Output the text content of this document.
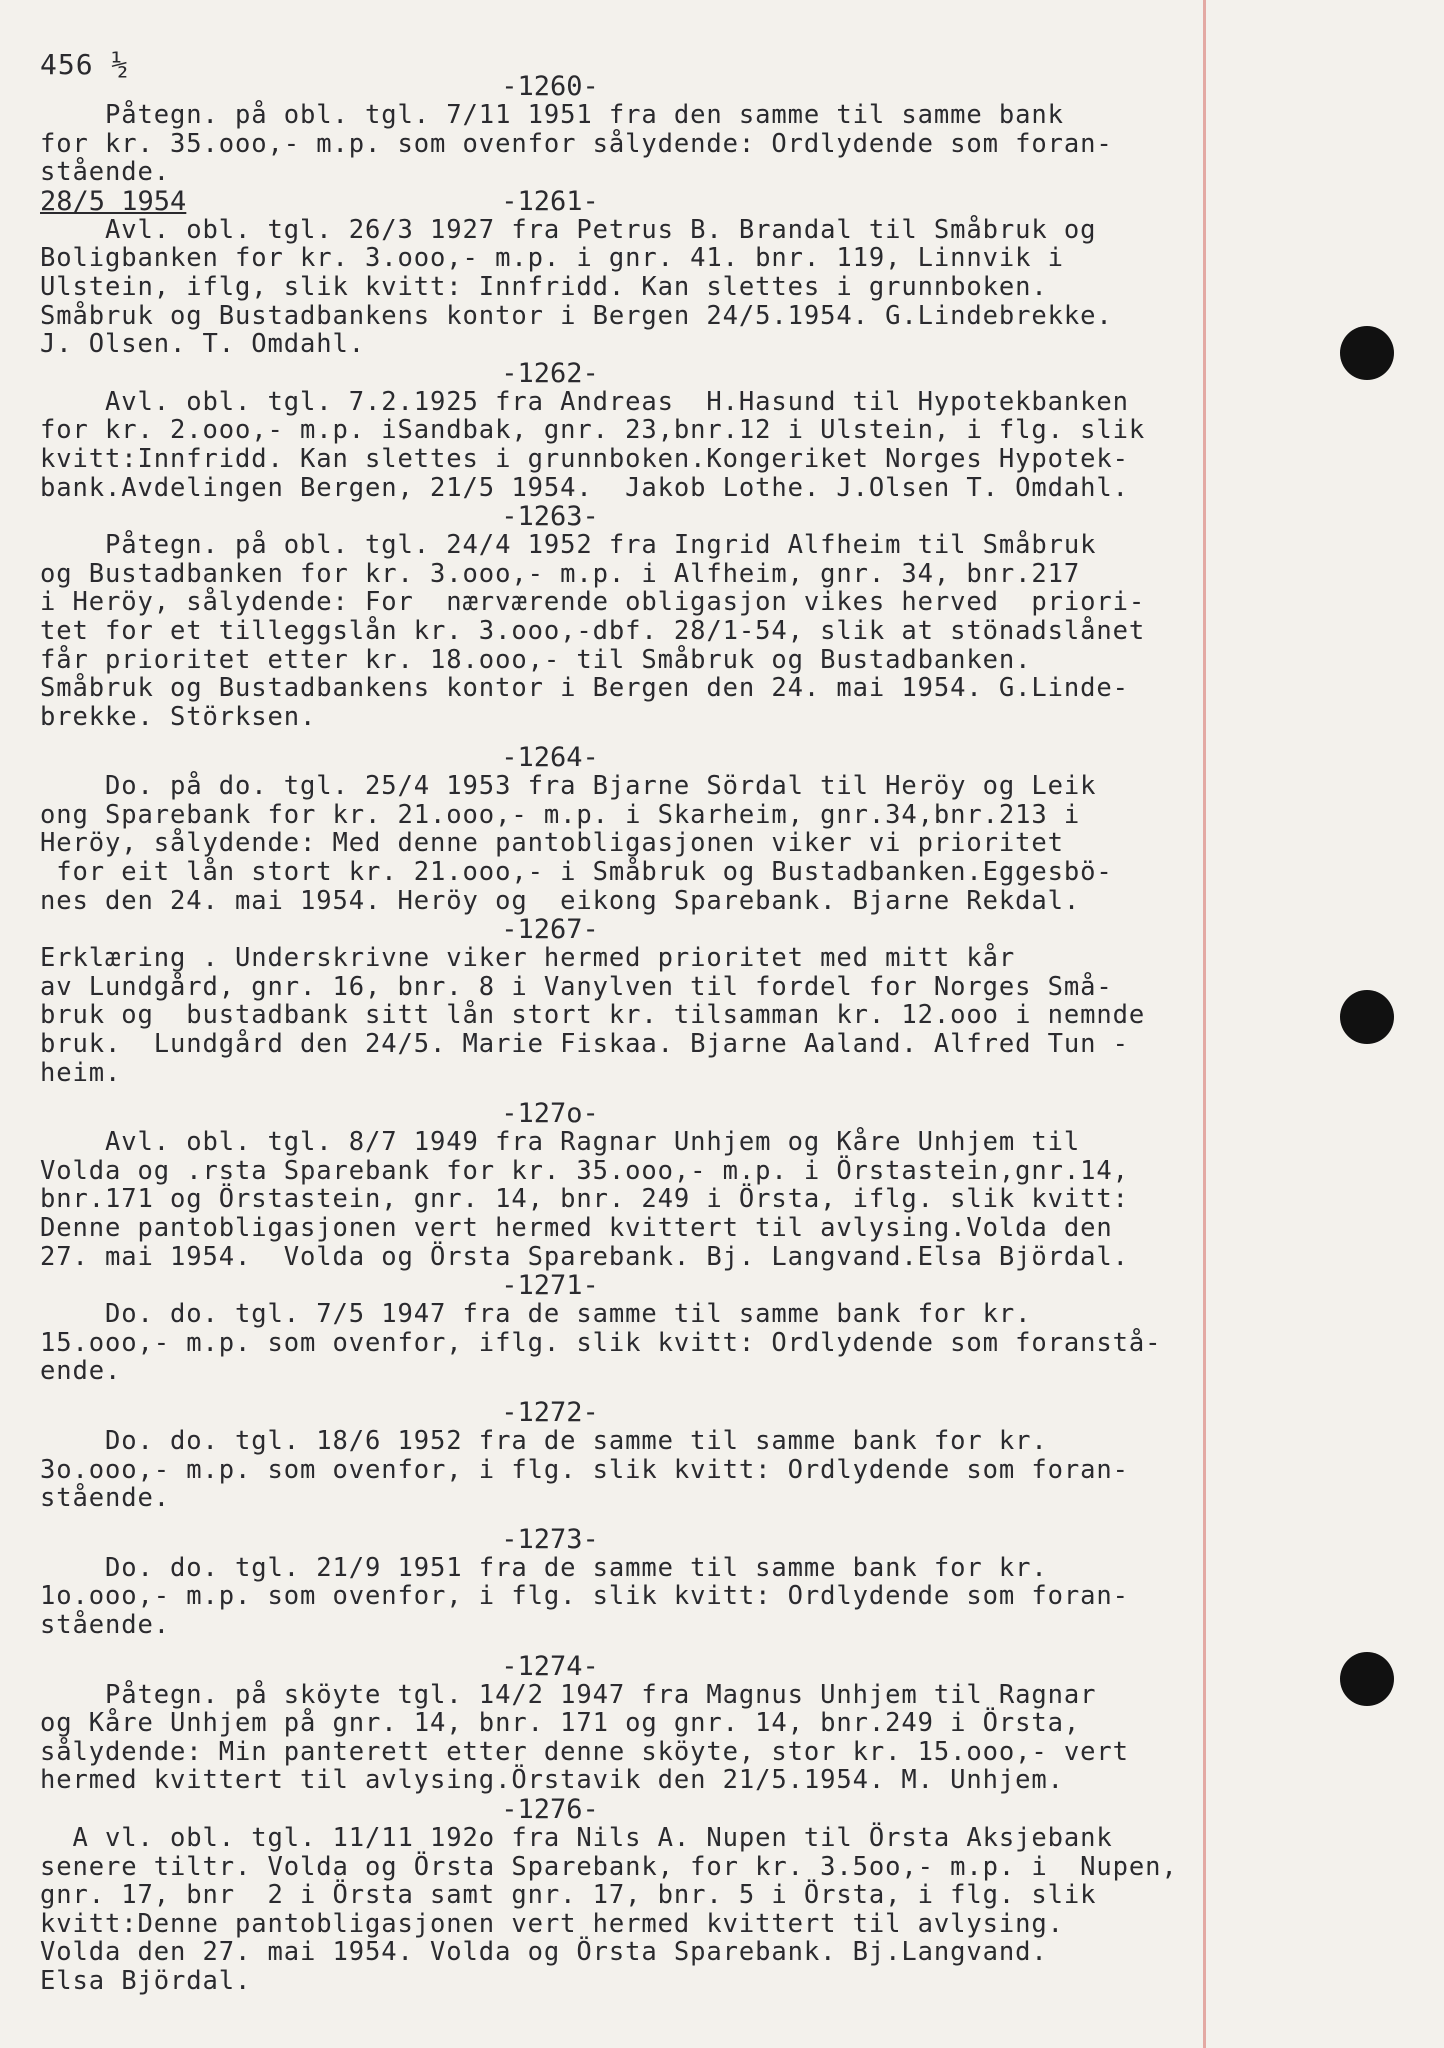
456 ½
-1260-
Påtegn. på obl. tgl. 7/11 1951 fra den samme til samme bank
for kr. 35.ooo,- m.p. som ovenfor sålydende: Ordlydende som foran-
stående.
28/5 1954	-1261-
Avl. obl. tgl. 26/3 1927 fra Petrus B. Brandal til Småbruk og
Boligbanken for kr. 3.ooo,- m.p. i gnr. 41. bnr. 119, Linnvik i
Ulstein, iflg, slik kvitt: Innfridd. Kan slettes i grunnboken.
Småbruk og Bustadbankens kontor i Bergen 24/5.1954. G.Lindebrekke.
J. Olsen. T. Omdahl.
-1262-
Avl. obl. tgl. 7.2.1925 fra Andreas  H.Hasund til Hypotekbanken
for kr. 2.ooo,- m.p. iSandbak, gnr. 23,bnr.12 i Ulstein, i flg. slik
kvitt:Innfridd. Kan slettes i grunnboken.Kongeriket Norges Hypotek-
bank.Avdelingen Bergen, 21/5 1954.  Jakob Lothe. J.Olsen T. Omdahl.
-1263-
Påtegn. på obl. tgl. 24/4 1952 fra Ingrid Alfheim til Småbruk
og Bustadbanken for kr. 3.ooo,- m.p. i Alfheim, gnr. 34, bnr.217
i Heröy, sålydende: For  nærværende obligasjon vikes herved  priori-
tet for et tilleggslån kr. 3.ooo,-dbf. 28/1-54, slik at stönadslånet
får prioritet etter kr. 18.ooo,- til Småbruk og Bustadbanken.
Småbruk og Bustadbankens kontor i Bergen den 24. mai 1954. G.Linde-
brekke. Störksen.
-1264-
Do. på do. tgl. 25/4 1953 fra Bjarne Sördal til Heröy og Leik
ong Sparebank for kr. 21.ooo,- m.p. i Skarheim, gnr.34,bnr.213 i
Heröy, sålydende: Med denne pantobligasjonen viker vi prioritet
for eit lån stort kr. 21.ooo,- i Småbruk og Bustadbanken.Eggesbö-
nes den 24. mai 1954. Heröy og  eikong Sparebank. Bjarne Rekdal.
-1267-
Erklæring . Underskrivne viker hermed prioritet med mitt kår
av Lundgård, gnr. 16, bnr. 8 i Vanylven til fordel for Norges Små-
bruk og  bustadbank sitt lån stort kr. tilsamman kr. 12.ooo i nemnde
bruk.  Lundgård den 24/5. Marie Fiskaa. Bjarne Aaland. Alfred Tun -
heim.
-127o-
Avl. obl. tgl. 8/7 1949 fra Ragnar Unhjem og Kåre Unhjem til
Volda og .rsta Sparebank for kr. 35.ooo,- m.p. i Örstastein,gnr.14,
bnr.171 og Örstastein, gnr. 14, bnr. 249 i Örsta, iflg. slik kvitt:
Denne pantobligasjonen vert hermed kvittert til avlysing.Volda den
27. mai 1954.  Volda og Örsta Sparebank. Bj. Langvand.Elsa Björdal.
-1271-
Do. do. tgl. 7/5 1947 fra de samme til samme bank for kr.
15.ooo,- m.p. som ovenfor, iflg. slik kvitt: Ordlydende som foranstå-
ende.
-1272-
Do. do. tgl. 18/6 1952 fra de samme til samme bank for kr.
3o.ooo,- m.p. som ovenfor, i flg. slik kvitt: Ordlydende som foran-
stående.
-1273-
Do. do. tgl. 21/9 1951 fra de samme til samme bank for kr.
1o.ooo,- m.p. som ovenfor, i flg. slik kvitt: Ordlydende som foran-
stående.
-1274-
Påtegn. på sköyte tgl. 14/2 1947 fra Magnus Unhjem til Ragnar
og Kåre Unhjem på gnr. 14, bnr. 171 og gnr. 14, bnr.249 i Örsta,
sålydende: Min panterett etter denne sköyte, stor kr. 15.ooo,- vert
hermed kvittert til avlysing.Örstavik den 21/5.1954. M. Unhjem.
-1276-
A vl. obl. tgl. 11/11 192o fra Nils A. Nupen til Örsta Aksjebank
senere tiltr. Volda og Örsta Sparebank, for kr. 3.5oo,- m.p. i  Nupen,
gnr. 17, bnr  2 i Örsta samt gnr. 17, bnr. 5 i Örsta, i flg. slik
kvitt:Denne pantobligasjonen vert hermed kvittert til avlysing.
Volda den 27. mai 1954. Volda og Örsta Sparebank. Bj.Langvand.
Elsa Björdal.
